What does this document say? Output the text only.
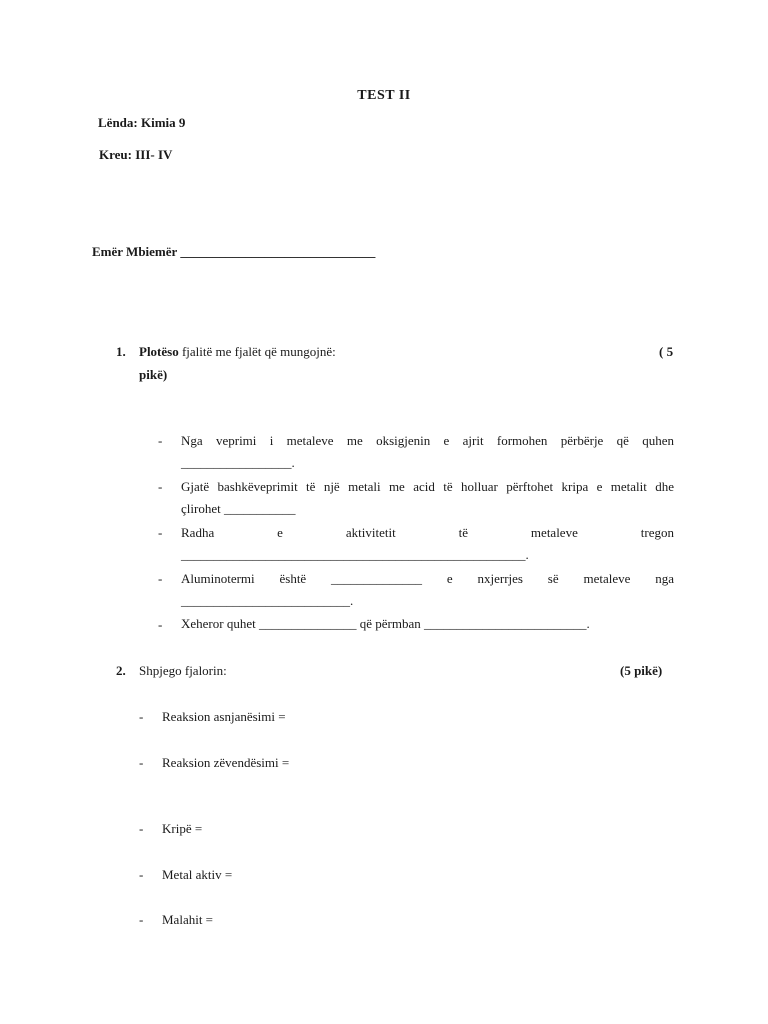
TEST II
Lënda: Kimia 9
Kreu: III- IV
Emër Mbiemër ______________________________
1. Plotëso fjalitë me fjalët që mungojnë:	( 5
pikë)
- Nga veprimi i metaleve me oksigjenin e ajrit formohen përbërje që quhen
_________________.
- Gjatë bashkëveprimit të një metali me acid të holluar përftohet kripa e metalit dhe
çlirohet ___________
- Radha e aktivitetit të metaleve tregon
_____________________________________________________.
- Aluminotermi është ______________ e nxjerrjes së metaleve nga
__________________________.
- Xeheror quhet _______________ që përmban _________________________.
2. Shpjego fjalorin:	(5 pikë)
- Reaksion asnjanësimi =
- Reaksion zëvendësimi =
- Kripë =
- Metal aktiv =
- Malahit =
